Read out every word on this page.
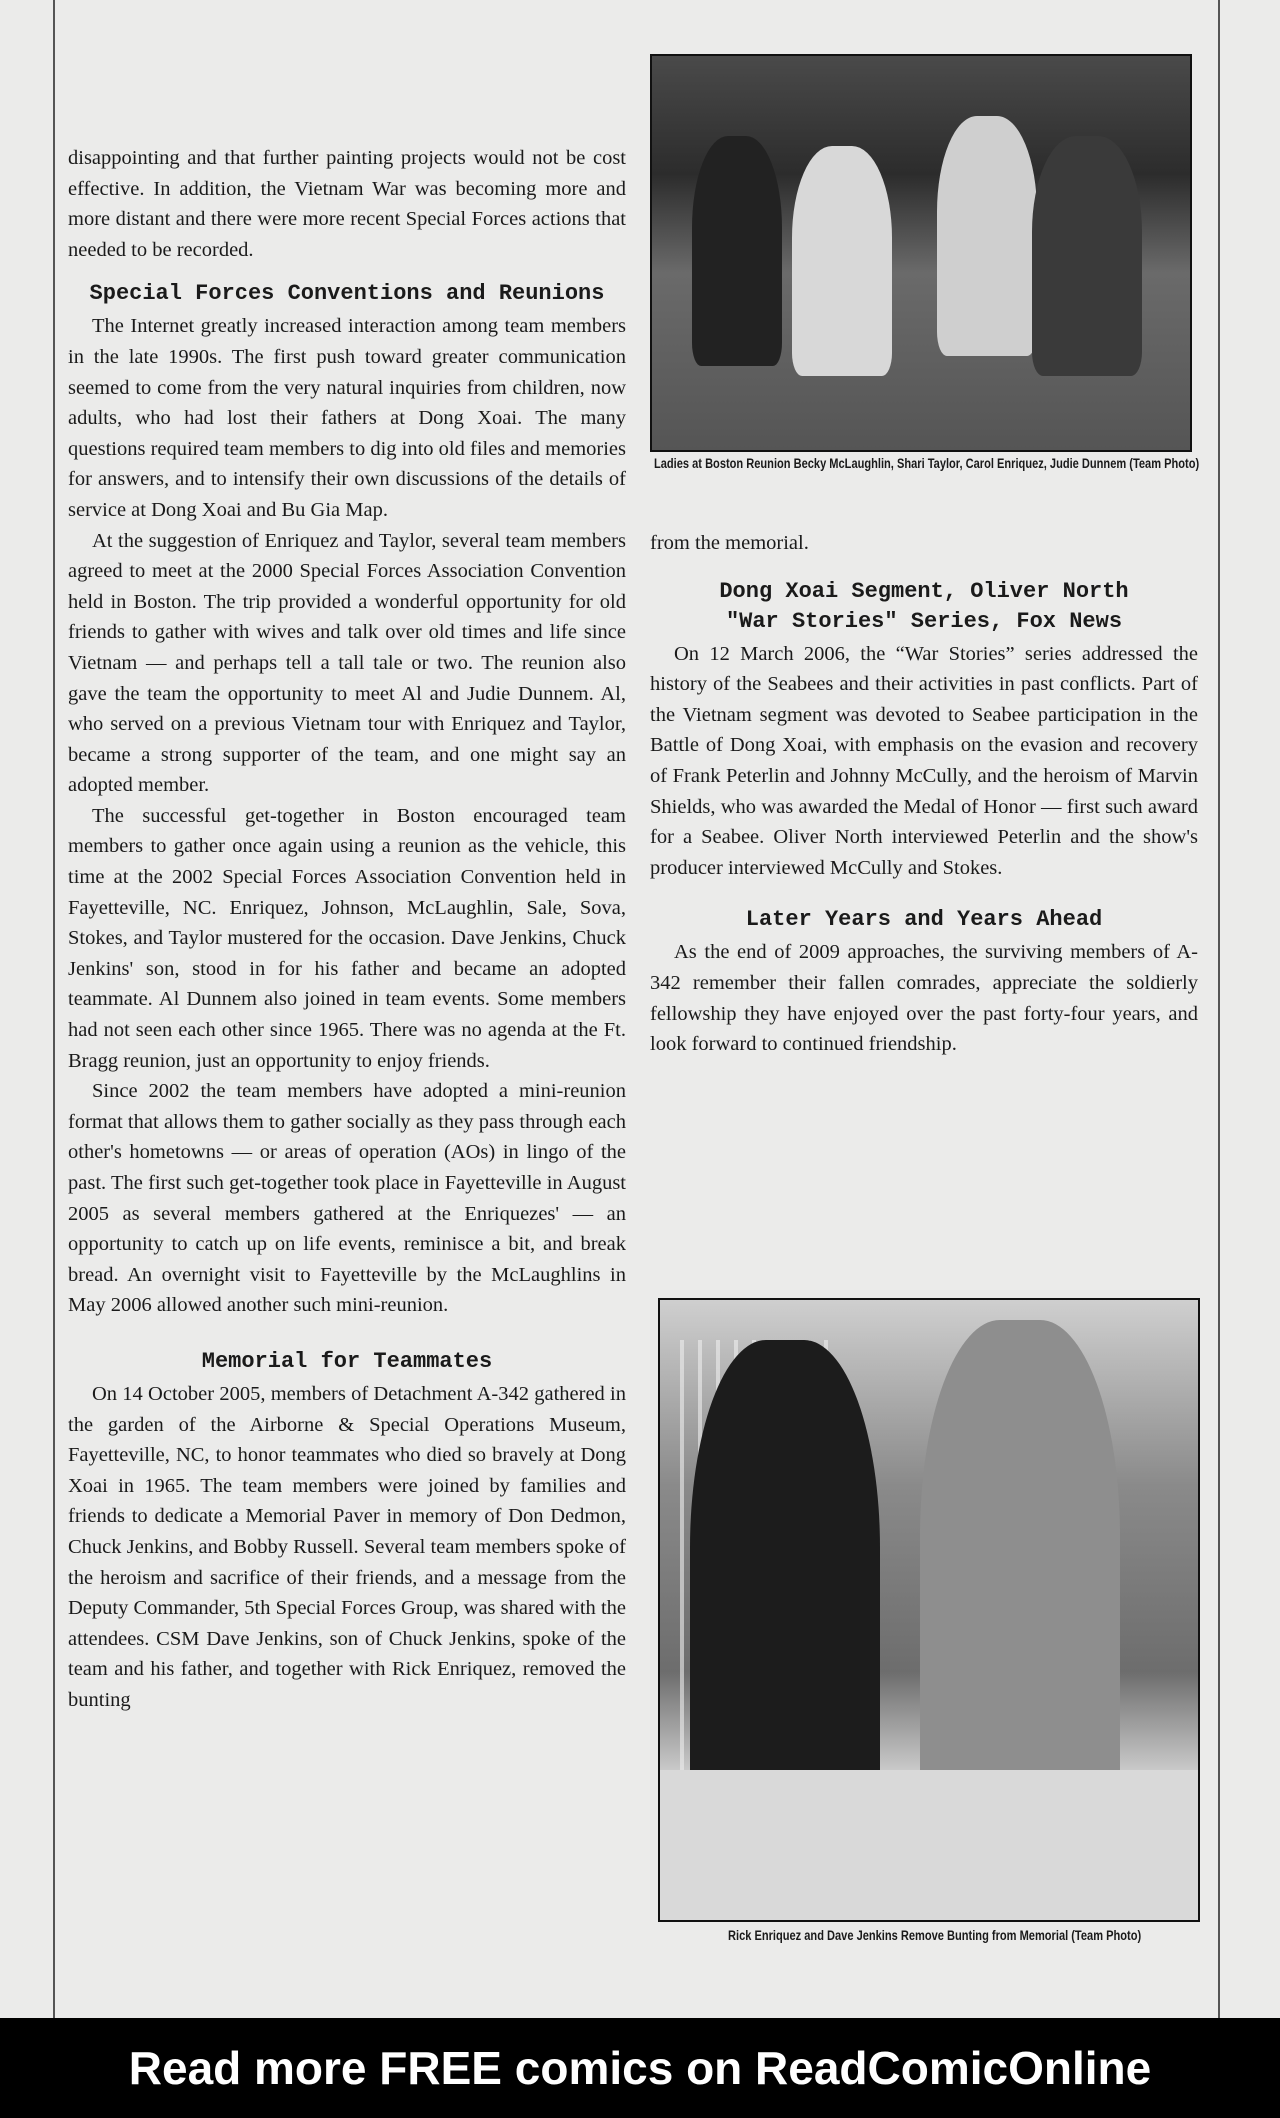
disappointing and that further painting projects would not be cost effective. In addition, the Vietnam War was becoming more and more distant and there were more recent Special Forces actions that needed to be recorded.

Special Forces Conventions and Reunions

The Internet greatly increased interaction among team members in the late 1990s. The first push toward greater communication seemed to come from the very natural inquiries from children, now adults, who had lost their fathers at Dong Xoai. The many questions required team members to dig into old files and memories for answers, and to intensify their own discussions of the details of service at Dong Xoai and Bu Gia Map.

At the suggestion of Enriquez and Taylor, several team members agreed to meet at the 2000 Special Forces Association Convention held in Boston. The trip provided a wonderful opportunity for old friends to gather with wives and talk over old times and life since Vietnam — and perhaps tell a tall tale or two. The reunion also gave the team the opportunity to meet Al and Judie Dunnem. Al, who served on a previous Vietnam tour with Enriquez and Taylor, became a strong supporter of the team, and one might say an adopted member.

The successful get-together in Boston encouraged team members to gather once again using a reunion as the vehicle, this time at the 2002 Special Forces Association Convention held in Fayetteville, NC. Enriquez, Johnson, McLaughlin, Sale, Sova, Stokes, and Taylor mustered for the occasion. Dave Jenkins, Chuck Jenkins' son, stood in for his father and became an adopted teammate. Al Dunnem also joined in team events. Some members had not seen each other since 1965. There was no agenda at the Ft. Bragg reunion, just an opportunity to enjoy friends.

Since 2002 the team members have adopted a mini-reunion format that allows them to gather socially as they pass through each other's hometowns — or areas of operation (AOs) in lingo of the past. The first such get-together took place in Fayetteville in August 2005 as several members gathered at the Enriquezes' — an opportunity to catch up on life events, reminisce a bit, and break bread. An overnight visit to Fayetteville by the McLaughlins in May 2006 allowed another such mini-reunion.

Memorial for Teammates

On 14 October 2005, members of Detachment A-342 gathered in the garden of the Airborne & Special Operations Museum, Fayetteville, NC, to honor teammates who died so bravely at Dong Xoai in 1965. The team members were joined by families and friends to dedicate a Memorial Paver in memory of Don Dedmon, Chuck Jenkins, and Bobby Russell. Several team members spoke of the heroism and sacrifice of their friends, and a message from the Deputy Commander, 5th Special Forces Group, was shared with the attendees. CSM Dave Jenkins, son of Chuck Jenkins, spoke of the team and his father, and together with Rick Enriquez, removed the bunting

Ladies at Boston Reunion Becky McLaughlin, Shari Taylor, Carol Enriquez, Judie Dunnem (Team Photo)

from the memorial.

Dong Xoai Segment, Oliver North "War Stories" Series, Fox News

On 12 March 2006, the “War Stories” series addressed the history of the Seabees and their activities in past conflicts. Part of the Vietnam segment was devoted to Seabee participation in the Battle of Dong Xoai, with emphasis on the evasion and recovery of Frank Peterlin and Johnny McCully, and the heroism of Marvin Shields, who was awarded the Medal of Honor — first such award for a Seabee. Oliver North interviewed Peterlin and the show's producer interviewed McCully and Stokes.

Later Years and Years Ahead

As the end of 2009 approaches, the surviving members of A-342 remember their fallen comrades, appreciate the soldierly fellowship they have enjoyed over the past forty-four years, and look forward to continued friendship.

Rick Enriquez and Dave Jenkins Remove Bunting from Memorial (Team Photo)
Read more FREE comics on ReadComicOnline
